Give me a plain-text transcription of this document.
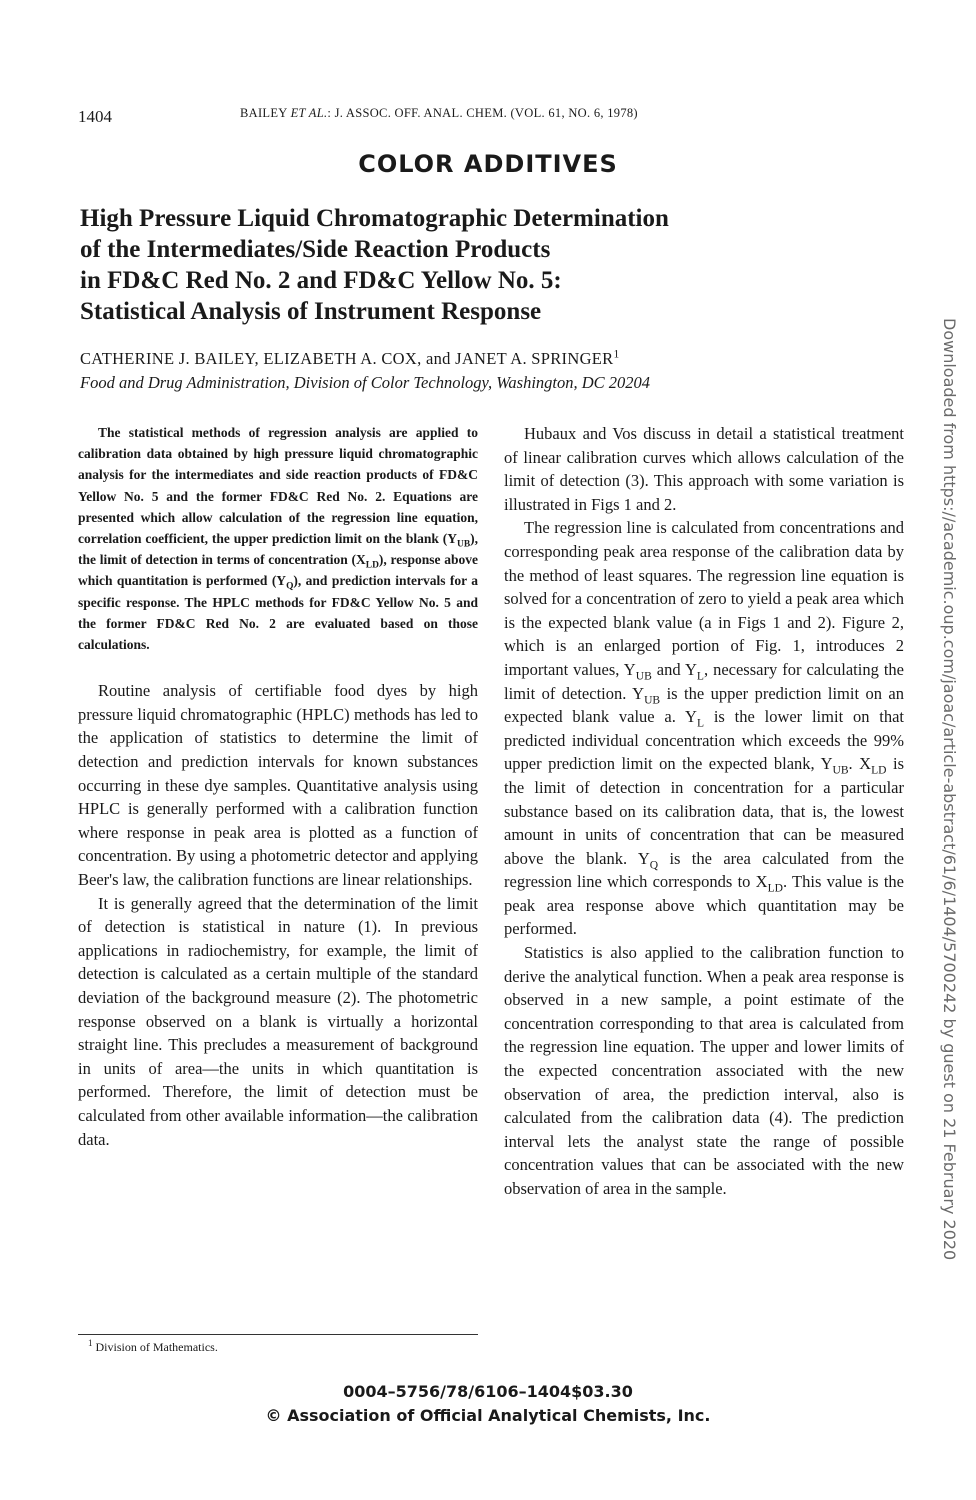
1404	BAILEY ET AL.: J. ASSOC. OFF. ANAL. CHEM. (VOL. 61, NO. 6, 1978)
COLOR ADDITIVES
High Pressure Liquid Chromatographic Determination
of the Intermediates/Side Reaction Products
in FD&C Red No. 2 and FD&C Yellow No. 5:
Statistical Analysis of Instrument Response
CATHERINE J. BAILEY, ELIZABETH A. COX, and JANET A. SPRINGER$^1$
Food and Drug Administration, Division of Color Technology, Washington, DC 20204

The statistical methods of regression analysis are applied to calibration data obtained by high pressure liquid chromatographic analysis for the intermediates and side reaction products of FD&C Yellow No. 5 and the former FD&C Red No. 2. Equations are presented which allow calculation of the regression line equation, correlation coefficient, the upper prediction limit on the blank $(Y_{UB})$, the limit of detection in terms of concentration $(X_{LD})$, response above which quantitation is performed $(Y_Q)$, and prediction intervals for a specific response. The HPLC methods for FD&C Yellow No. 5 and the former FD&C Red No. 2 are evaluated based on those calculations.

Routine analysis of certifiable food dyes by high pressure liquid chromatographic (HPLC) methods has led to the application of statistics to determine the limit of detection and prediction intervals for known substances occurring in these dye samples. Quantitative analysis using HPLC is generally performed with a calibration function where response in peak area is plotted as a function of concentration. By using a photometric detector and applying Beer's law, the calibration functions are linear relationships.

It is generally agreed that the determination of the limit of detection is statistical in nature (1). In previous applications in radiochemistry, for example, the limit of detection is calculated as a certain multiple of the standard deviation of the background measure (2). The photometric response observed on a blank is virtually a horizontal straight line. This precludes a measurement of background in units of area—the units in which quantitation is performed. Therefore, the limit of detection must be calculated from other available information—the calibration data.

Hubaux and Vos discuss in detail a statistical treatment of linear calibration curves which allows calculation of the limit of detection (3). This approach with some variation is illustrated in Figs 1 and 2.

The regression line is calculated from concentrations and corresponding peak area response of the calibration data by the method of least squares. The regression line equation is solved for a concentration of zero to yield a peak area which is the expected blank value (a in Figs 1 and 2). Figure 2, which is an enlarged portion of Fig. 1, introduces 2 important values, $Y_{UB}$ and $Y_L$, necessary for calculating the limit of detection. $Y_{UB}$ is the upper prediction limit on an expected blank value a. $Y_L$ is the lower limit on that predicted individual concentration which exceeds the 99% upper prediction limit on the expected blank, $Y_{UB}$. $X_{LD}$ is the limit of detection in concentration for a particular substance based on its calibration data, that is, the lowest amount in units of concentration that can be measured above the blank. $Y_Q$ is the area calculated from the regression line which corresponds to $X_{LD}$. This value is the peak area response above which quantitation may be performed.

Statistics is also applied to the calibration function to derive the analytical function. When a peak area response is observed in a new sample, a point estimate of the concentration corresponding to that area is calculated from the regression line equation. The upper and lower limits of the expected concentration associated with the new observation of area, the prediction interval, also is calculated from the calibration data (4). The prediction interval lets the analyst state the range of possible concentration values that can be associated with the new observation of area in the sample.

$^1$ Division of Mathematics.
Downloaded from https://academic.oup.com/jaoac/article-abstract/61/6/1404/5700242 by guest on 21 February 2020
0004–5756/78/6106–1404$03.30
© Association of Official Analytical Chemists, Inc.
